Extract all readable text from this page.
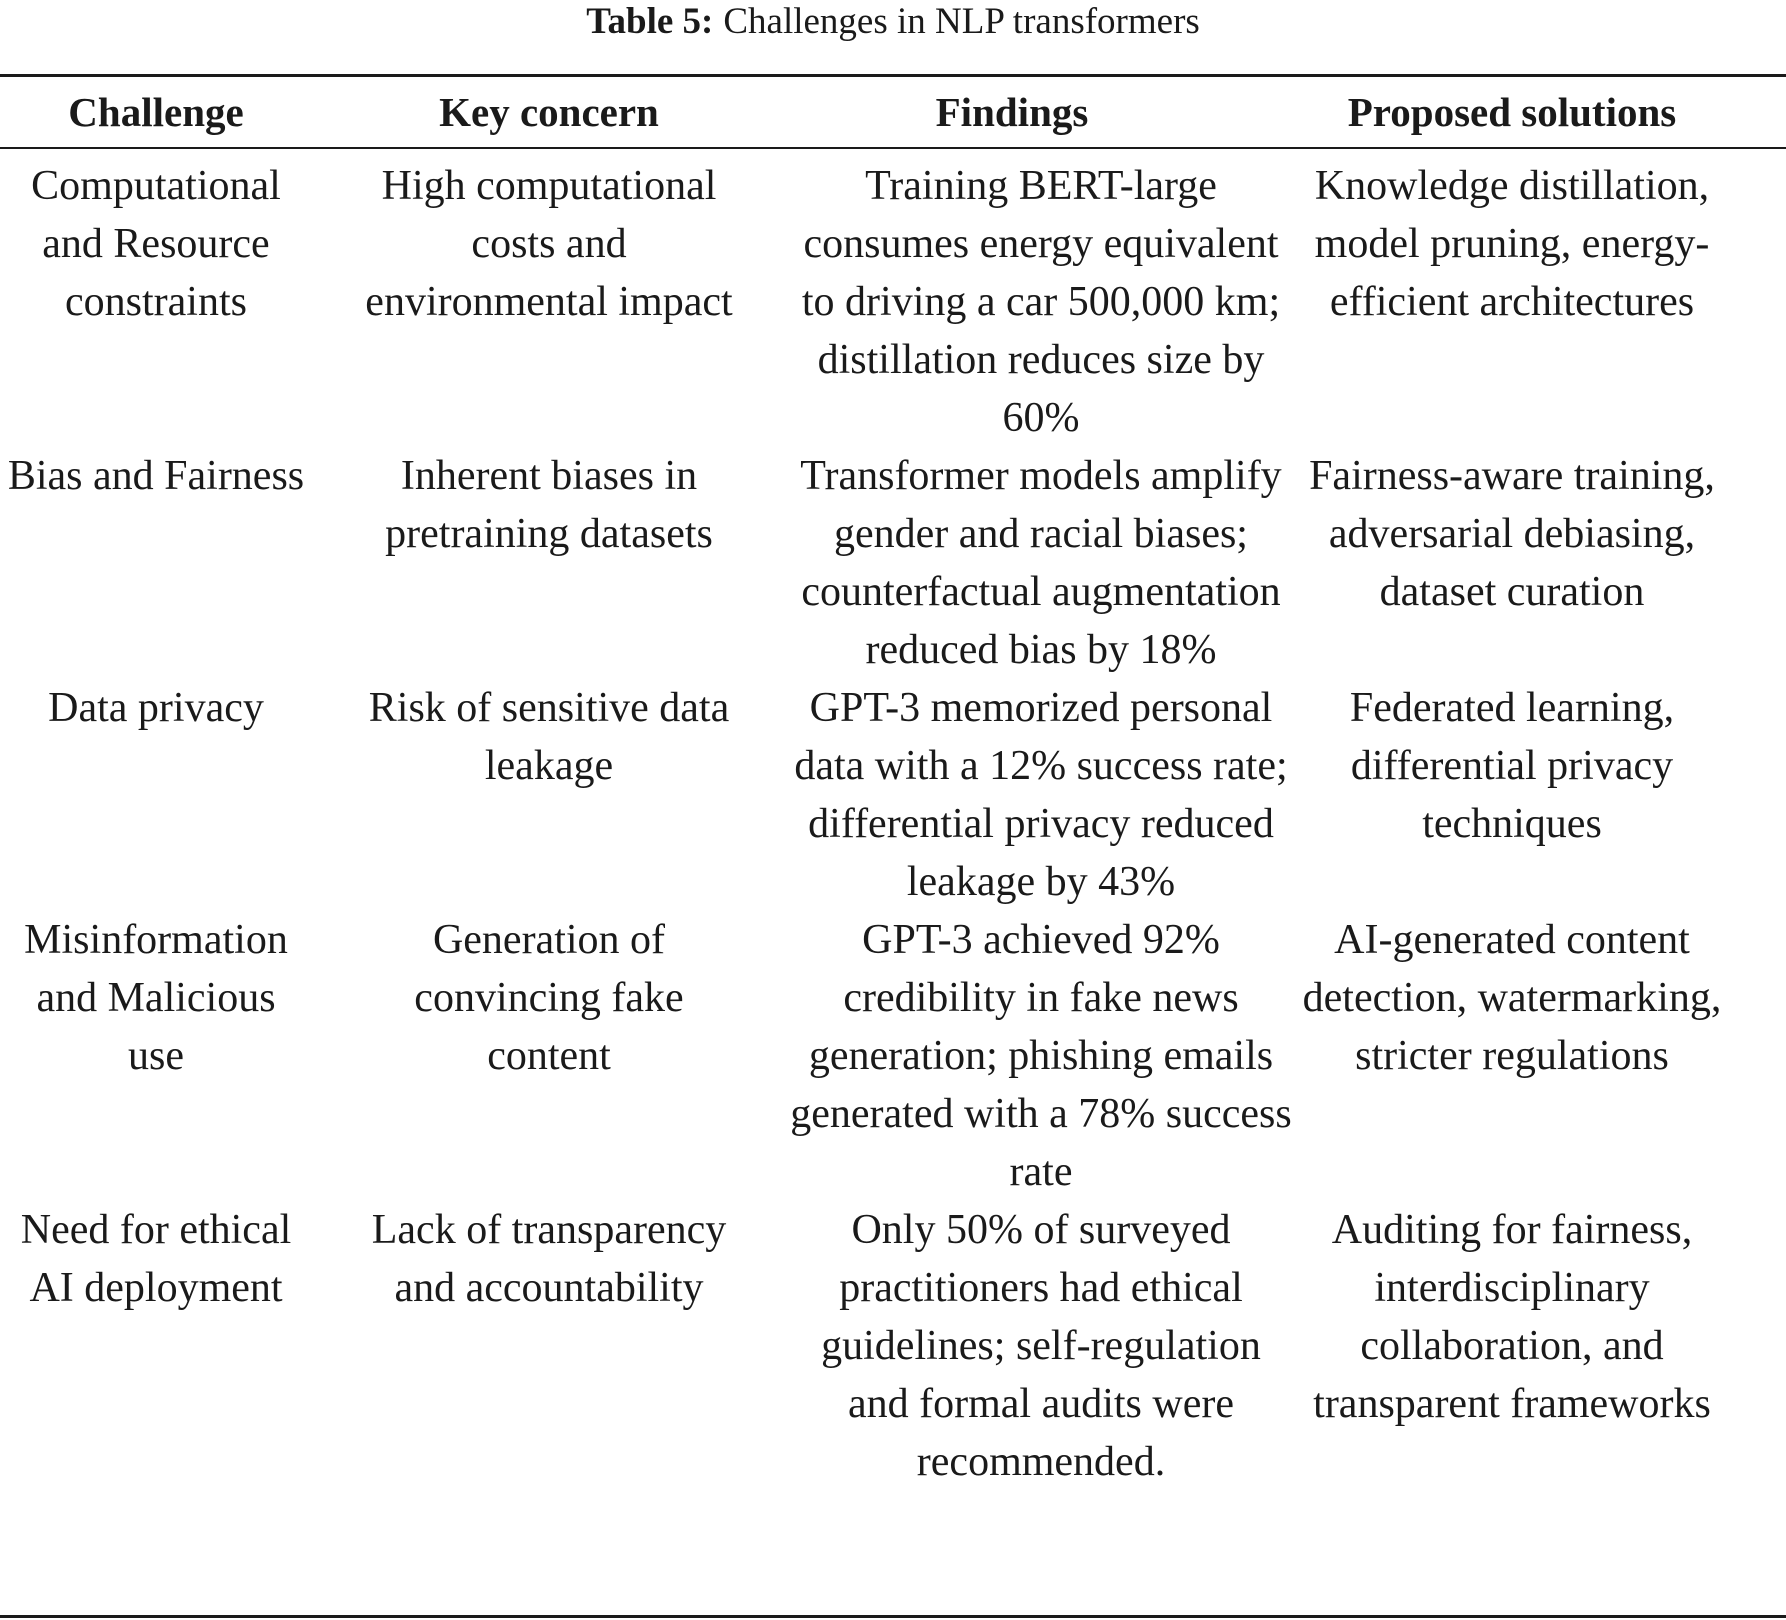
Table 5: Challenges in NLP transformers
Challenge	Key concern	Findings	Proposed solutions

Computational and Resource constraints	High computational costs and environmental impact	Training BERT-large consumes energy equivalent to driving a car 500,000 km; distillation reduces size by 60%	Knowledge distillation, model pruning, energy-efficient architectures

Bias and Fairness	Inherent biases in pretraining datasets	Transformer models amplify gender and racial biases; counterfactual augmentation reduced bias by 18%	Fairness-aware training, adversarial debiasing, dataset curation

Data privacy	Risk of sensitive data leakage	GPT-3 memorized personal data with a 12% success rate; differential privacy reduced leakage by 43%	Federated learning, differential privacy techniques

Misinformation and Malicious use	Generation of convincing fake content	GPT-3 achieved 92% credibility in fake news generation; phishing emails generated with a 78% success rate	AI-generated content detection, watermarking, stricter regulations

Need for ethical AI deployment	Lack of transparency and accountability	Only 50% of surveyed practitioners had ethical guidelines; self-regulation and formal audits were recommended.	Auditing for fairness, interdisciplinary collaboration, and transparent frameworks
